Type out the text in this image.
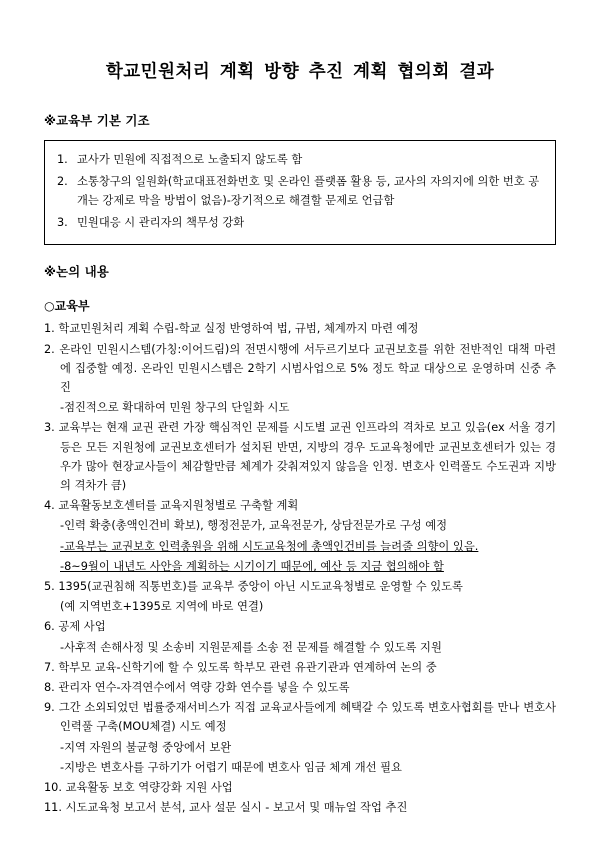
학교민원처리 계획 방향 추진 계획 협의회 결과
※교육부 기본 기조
1.교사가 민원에 직접적으로 노출되지 않도록 함
2.소통창구의 일원화(학교대표전화번호 및 온라인 플랫폼 활용 등, 교사의 자의지에 의한 번호 공개는 강제로 막을 방법이 없음)-장기적으로 해결할 문제로 언급함
3.민원대응 시 관리자의 책무성 강화
※논의 내용
○교육부
1. 학교민원처리 계획 수립-학교 실정 반영하여 법, 규범, 체계까지 마련 예정
2. 온라인 민원시스템(가칭:이어드림)의 전면시행에 서두르기보다 교권보호를 위한 전반적인 대책 마련에 집중할 예정. 온라인 민원시스템은 2학기 시범사업으로 5% 정도 학교 대상으로 운영하며 신중 추진
-점진적으로 확대하여 민원 창구의 단일화 시도
3. 교육부는 현재 교권 관련 가장 핵심적인 문제를 시도별 교권 인프라의 격차로 보고 있음(ex 서울 경기 등은 모든 지원청에 교권보호센터가 설치된 반면, 지방의 경우 도교육청에만 교권보호센터가 있는 경우가 많아 현장교사들이 체감할만큼 체계가 갖춰져있지 않음을 인정. 변호사 인력풀도 수도권과 지방의 격차가 큼)
4. 교육활동보호센터를 교육지원청별로 구축할 계획
-인력 확충(총액인건비 확보), 행정전문가, 교육전문가, 상담전문가로 구성 예정
-교육부는 교권보호 인력총원을 위해 시도교육청에 총액인건비를 늘려줄 의향이 있음.
-8~9월이 내년도 사안을 계획하는 시기이기 때문에, 예산 등 지금 협의해야 함
5. 1395(교권침해 직통번호)를 교육부 중앙이 아닌 시도교육청별로 운영할 수 있도록
(예 지역번호+1395로 지역에 바로 연결)
6. 공제 사업
-사후적 손해사정 및 소송비 지원문제를 소송 전 문제를 해결할 수 있도록 지원
7. 학부모 교육-신학기에 할 수 있도록 학부모 관련 유관기관과 연계하여 논의 중
8. 관리자 연수-자격연수에서 역량 강화 연수를 넣을 수 있도록
9. 그간 소외되었던 법률중재서비스가 직접 교육교사들에게 혜택갈 수 있도록 변호사협회를 만나 변호사 인력풀 구축(MOU체결) 시도 예정
-지역 자원의 불균형 중앙에서 보완
-지방은 변호사를 구하기가 어렵기 때문에 변호사 임금 체계 개선 필요
10. 교육활동 보호 역량강화 지원 사업
11. 시도교육청 보고서 분석, 교사 설문 실시 - 보고서 및 매뉴얼 작업 추진
